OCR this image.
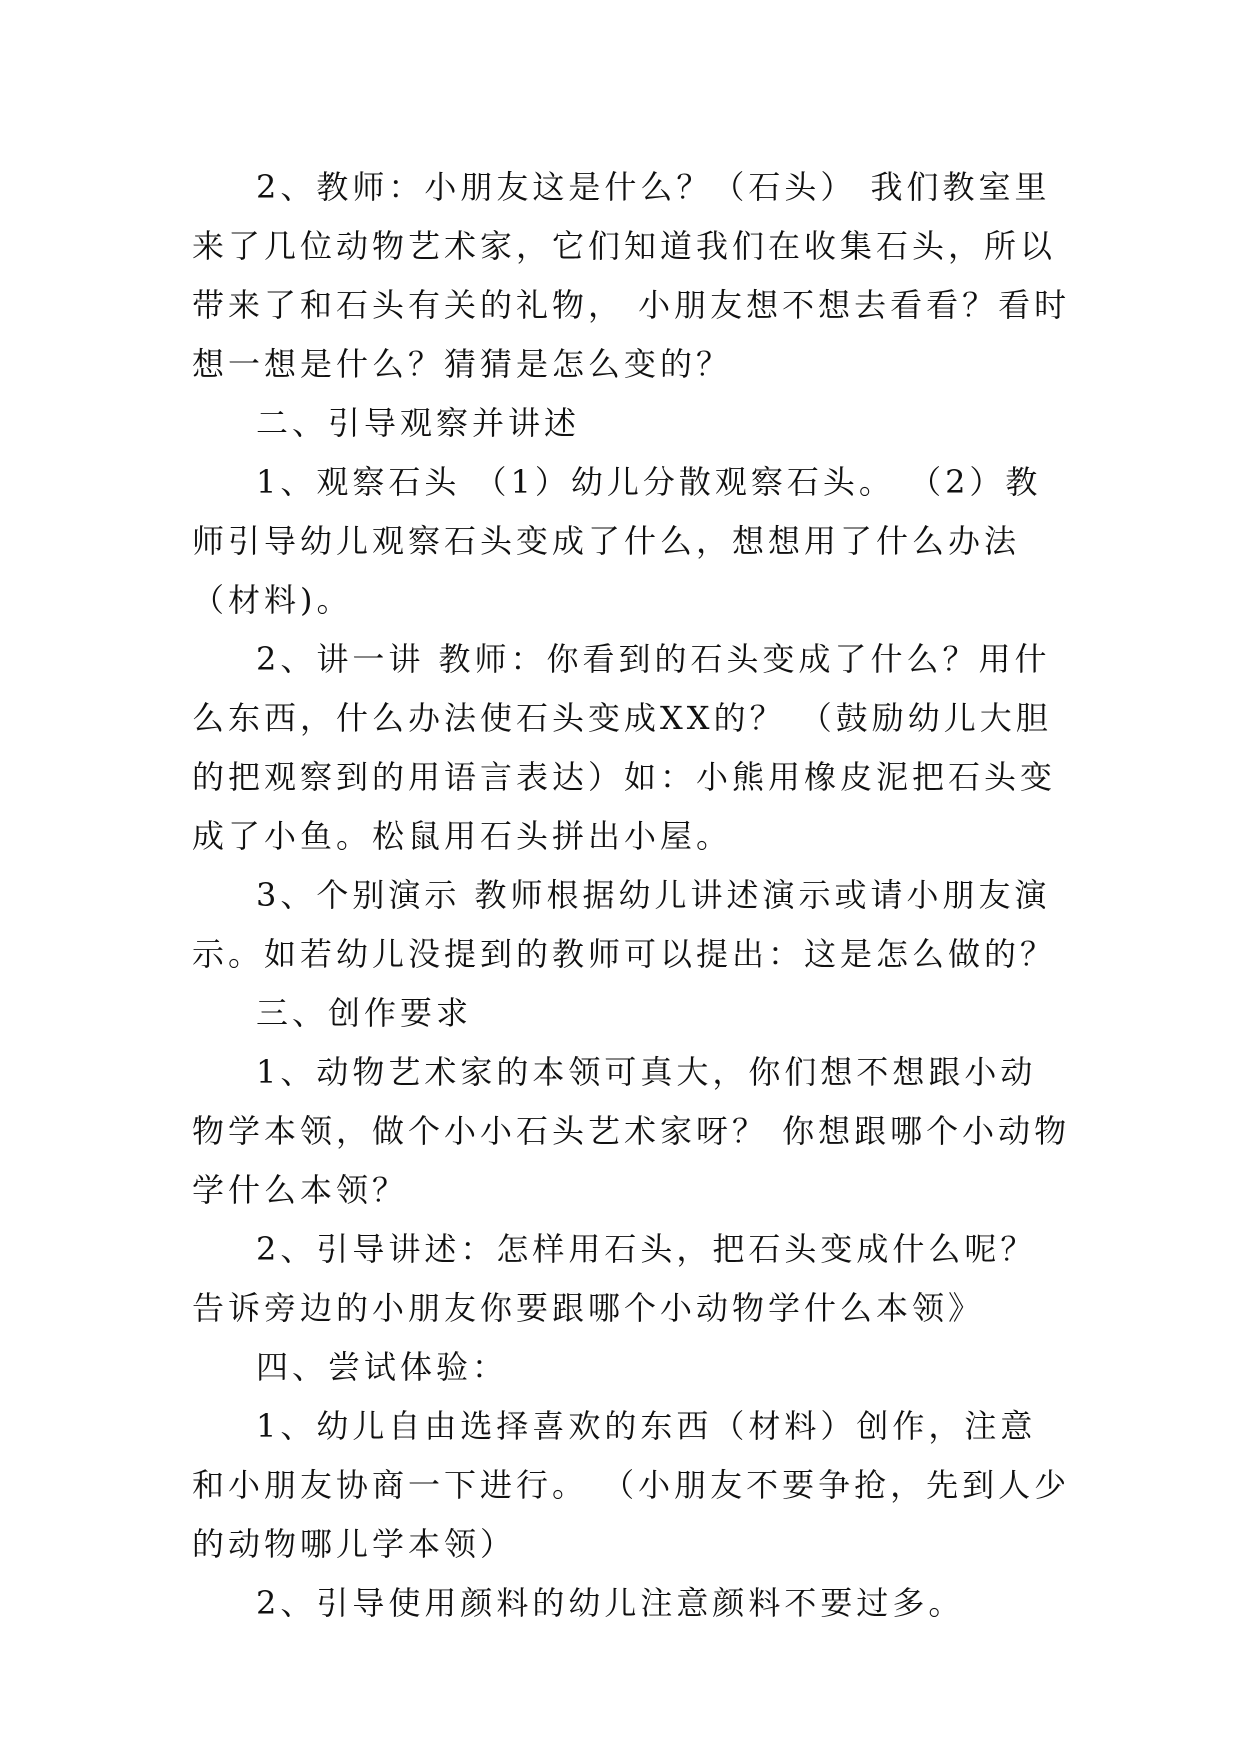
2、教师：小朋友这是什么？（石头） 我们教室里来了几位动物艺术家，它们知道我们在收集石头，所以带来了和石头有关的礼物， 小朋友想不想去看看？看时想一想是什么？猜猜是怎么变的？

二、引导观察并讲述

1、观察石头 （1）幼儿分散观察石头。 （2）教师引导幼儿观察石头变成了什么，想想用了什么办法（材料)。

2、讲一讲 教师：你看到的石头变成了什么？用什么东西，什么办法使石头变成XX的？ （鼓励幼儿大胆的把观察到的用语言表达）如：小熊用橡皮泥把石头变成了小鱼。松鼠用石头拼出小屋。

3、个别演示 教师根据幼儿讲述演示或请小朋友演示。如若幼儿没提到的教师可以提出：这是怎么做的？

三、创作要求

1、动物艺术家的本领可真大，你们想不想跟小动物学本领，做个小小石头艺术家呀？ 你想跟哪个小动物学什么本领？

2、引导讲述：怎样用石头，把石头变成什么呢？ 告诉旁边的小朋友你要跟哪个小动物学什么本领》

四、尝试体验：

1、幼儿自由选择喜欢的东西（材料）创作，注意和小朋友协商一下进行。 （小朋友不要争抢，先到人少的动物哪儿学本领）

2、引导使用颜料的幼儿注意颜料不要过多。
